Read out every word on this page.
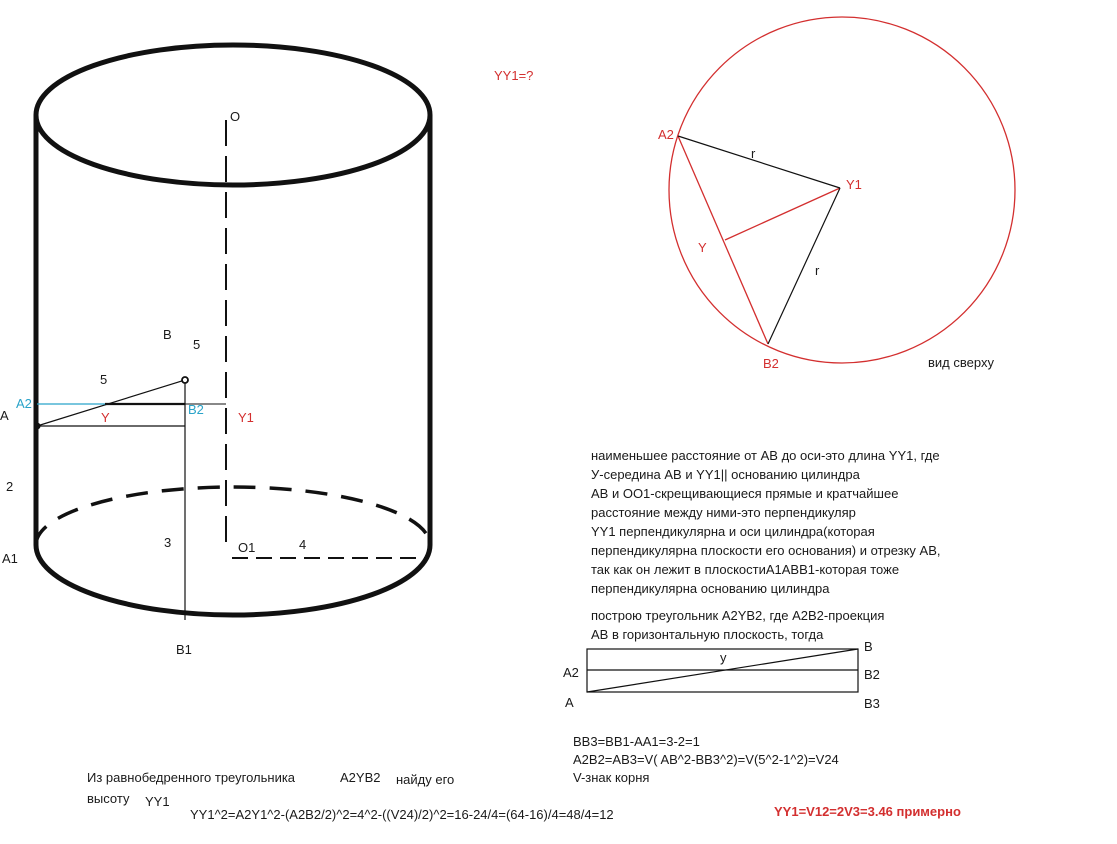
O
B
5
5
A2	B2
Y1
Y
A
2
3	O1	4
A1
B1
YY1=?
A2
r
Y1
Y
r
B2	вид сверху
наименьшее расстояние от АВ до оси-это длина YY1, где
У-середина АВ и YY1|| основанию цилиндра
АВ и ОО1-скрещивающиеся прямые и кратчайшее
расстояние между ними-это перпендикуляр
YY1 перпендикулярна и оси цилиндра(которая
перпендикулярна плоскости его основания) и отрезку АВ,
так как он лежит в плоскостиА1АВВ1-которая тоже
перпендикулярна основанию цилиндра
построю треугольник А2YВ2, где А2В2-проекция
АВ в горизонтальную плоскость, тогда
B
y
A2	B2
A	B3
BB3=BB1-AA1=3-2=1
A2B2=AB3=V( AB^2-BB3^2)=V(5^2-1^2)=V24
V-знак корня
Из равнобедренного треугольника	A2YB2 найду его
высоту YY1
YY1^2=A2Y1^2-(A2B2/2)^2=4^2-((V24)/2)^2=16-24/4=(64-16)/4=48/4=12	YY1=V12=2V3=3.46 примерно
